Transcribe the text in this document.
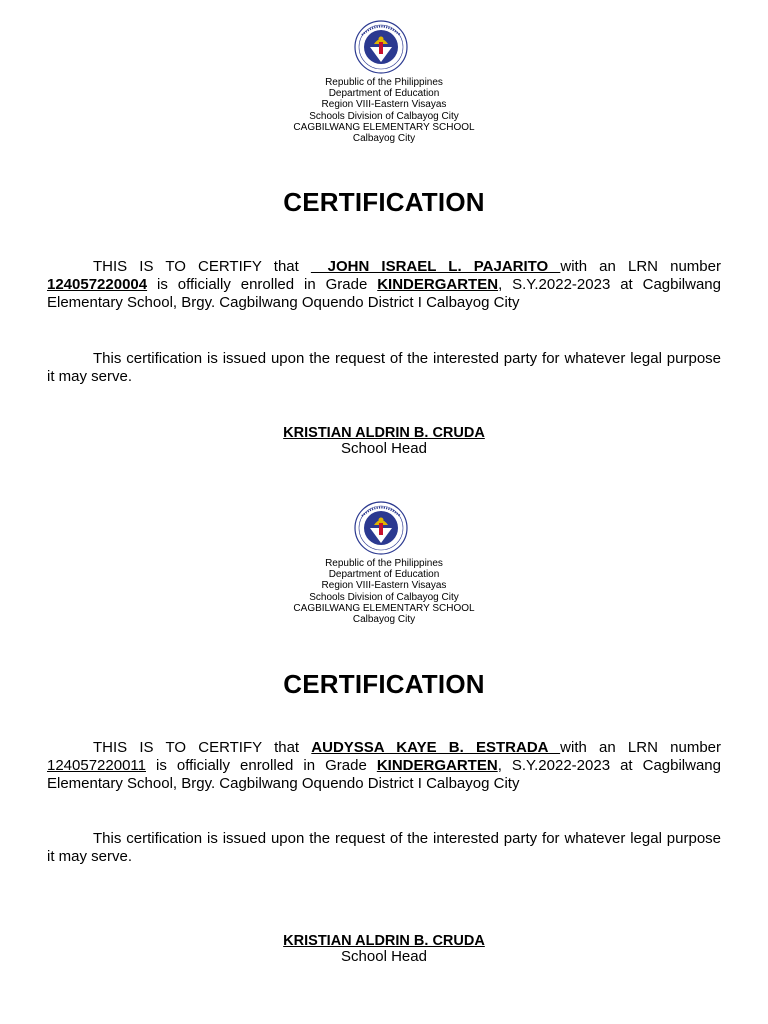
Republic of the Philippines
Department of Education
Region VIII-Eastern Visayas
Schools Division of Calbayog City
CAGBILWANG ELEMENTARY SCHOOL
Calbayog City
CERTIFICATION

THIS IS TO CERTIFY that __JOHN ISRAEL L. PAJARITO with an LRN number 124057220004 is officially enrolled in Grade KINDERGARTEN, S.Y.2022-2023 at Cagbilwang Elementary School, Brgy. Cagbilwang Oquendo District I Calbayog City

This certification is issued upon the request of the interested party for whatever legal purpose it may serve.

KRISTIAN ALDRIN B. CRUDA
School Head
Republic of the Philippines
Department of Education
Region VIII-Eastern Visayas
Schools Division of Calbayog City
CAGBILWANG ELEMENTARY SCHOOL
Calbayog City
CERTIFICATION

THIS IS TO CERTIFY that AUDYSSA KAYE B. ESTRADA with an LRN number 124057220011 is officially enrolled in Grade KINDERGARTEN, S.Y.2022-2023 at Cagbilwang Elementary School, Brgy. Cagbilwang Oquendo District I Calbayog City

This certification is issued upon the request of the interested party for whatever legal purpose it may serve.

KRISTIAN ALDRIN B. CRUDA
School Head
